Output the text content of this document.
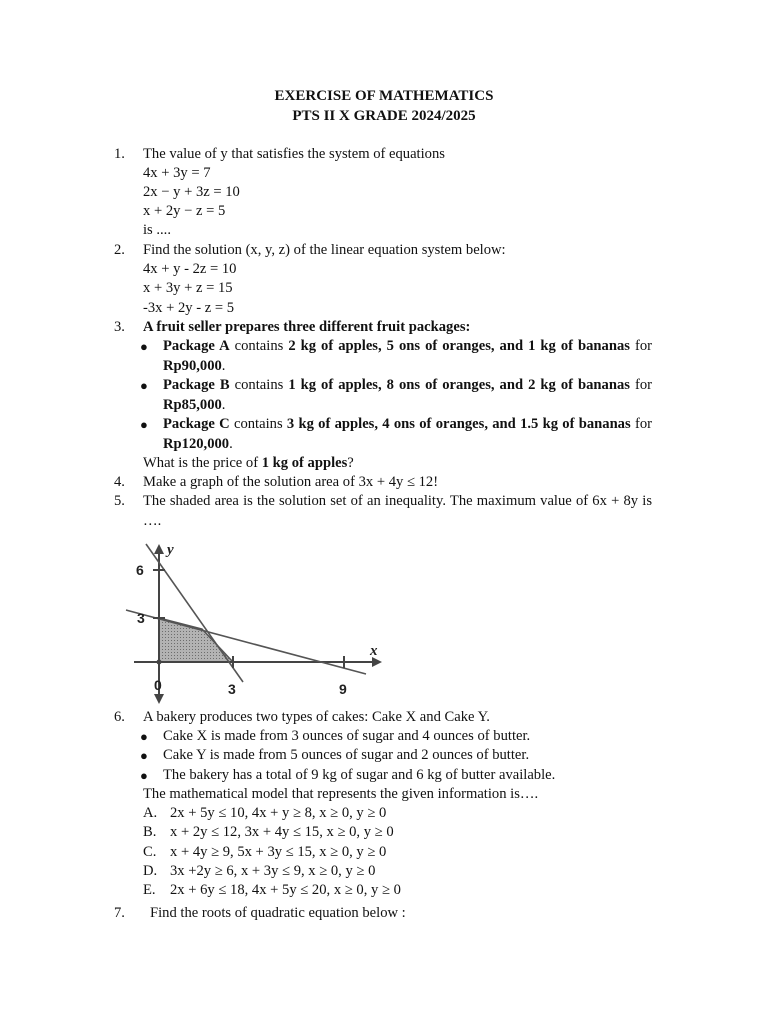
EXERCISE OF MATHEMATICS
PTS II X GRADE 2024/2025
1. The value of y that satisfies the system of equations
4x + 3y = 7
2x − y + 3z = 10
x + 2y − z = 5
is ....
2. Find the solution (x, y, z) of the linear equation system below:
4x + y - 2z = 10
x + 3y + z = 15
-3x + 2y - z = 5
3. A fruit seller prepares three different fruit packages:
● Package A contains 2 kg of apples, 5 ons of oranges, and 1 kg of bananas for Rp90,000.
● Package B contains 1 kg of apples, 8 ons of oranges, and 2 kg of bananas for Rp85,000.
● Package C contains 3 kg of apples, 4 ons of oranges, and 1.5 kg of bananas for Rp120,000.
What is the price of 1 kg of apples?
4. Make a graph of the solution area of 3x + 4y ≤ 12!
5. The shaded area is the solution set of an inequality. The maximum value of 6x + 8y is ….
y
x
6
3
0	3	9
6. A bakery produces two types of cakes: Cake X and Cake Y.
● Cake X is made from 3 ounces of sugar and 4 ounces of butter.
● Cake Y is made from 5 ounces of sugar and 2 ounces of butter.
● The bakery has a total of 9 kg of sugar and 6 kg of butter available.
The mathematical model that represents the given information is….
A. 2x + 5y ≤ 10, 4x + y ≥ 8, x ≥ 0, y ≥ 0
B. x + 2y ≤ 12, 3x + 4y ≤ 15, x ≥ 0, y ≥ 0
C. x + 4y ≥ 9, 5x + 3y ≤ 15, x ≥ 0, y ≥ 0
D. 3x +2y ≥ 6, x + 3y ≤ 9, x ≥ 0, y ≥ 0
E. 2x + 6y ≤ 18, 4x + 5y ≤ 20, x ≥ 0, y ≥ 0
7. Find the roots of quadratic equation below :
